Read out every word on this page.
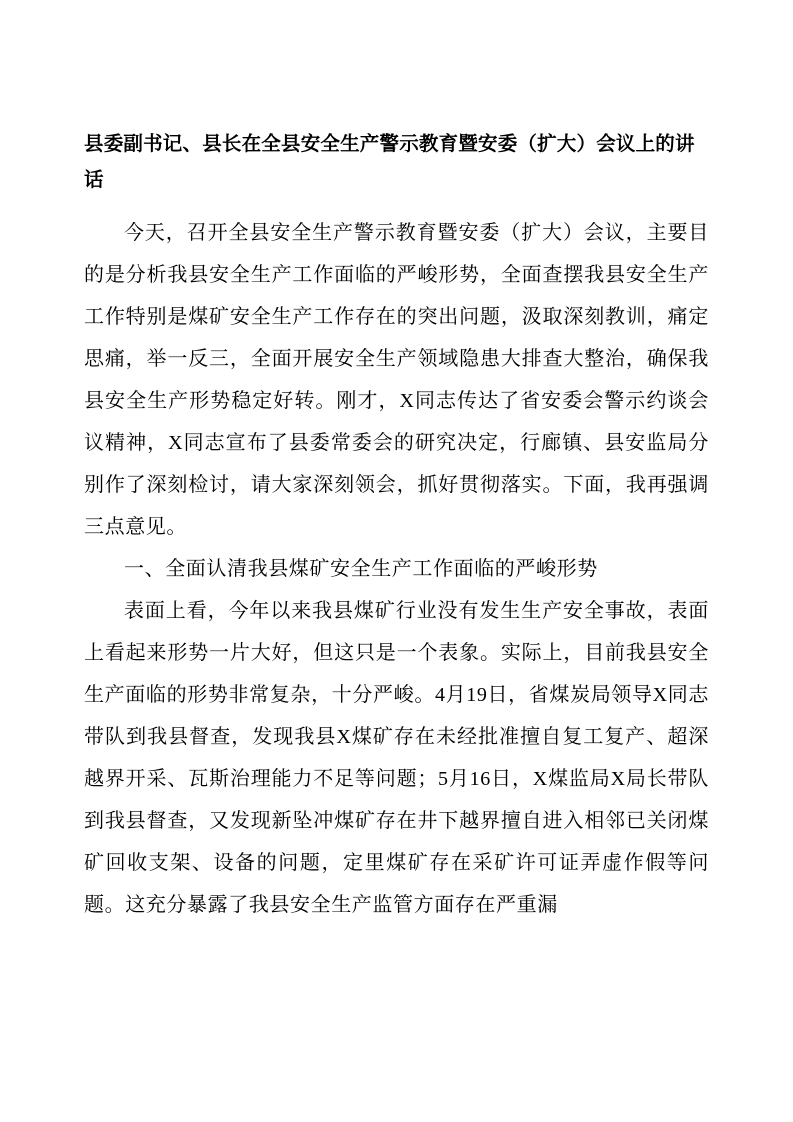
县委副书记、县长在全县安全生产警示教育暨安委（扩大）会议上的讲话

今天，召开全县安全生产警示教育暨安委（扩大）会议，主要目的是分析我县安全生产工作面临的严峻形势，全面查摆我县安全生产工作特别是煤矿安全生产工作存在的突出问题，汲取深刻教训，痛定思痛，举一反三，全面开展安全生产领域隐患大排查大整治，确保我县安全生产形势稳定好转。刚才，X同志传达了省安委会警示约谈会议精神，X同志宣布了县委常委会的研究决定，行廊镇、县安监局分别作了深刻检讨，请大家深刻领会，抓好贯彻落实。下面，我再强调三点意见。

一、全面认清我县煤矿安全生产工作面临的严峻形势

表面上看，今年以来我县煤矿行业没有发生生产安全事故，表面上看起来形势一片大好，但这只是一个表象。实际上，目前我县安全生产面临的形势非常复杂，十分严峻。4月19日，省煤炭局领导X同志带队到我县督查，发现我县X煤矿存在未经批准擅自复工复产、超深越界开采、瓦斯治理能力不足等问题；5月16日，X煤监局X局长带队到我县督查，又发现新坠冲煤矿存在井下越界擅自进入相邻已关闭煤矿回收支架、设备的问题，定里煤矿存在采矿许可证弄虚作假等问题。这充分暴露了我县安全生产监管方面存在严重漏
